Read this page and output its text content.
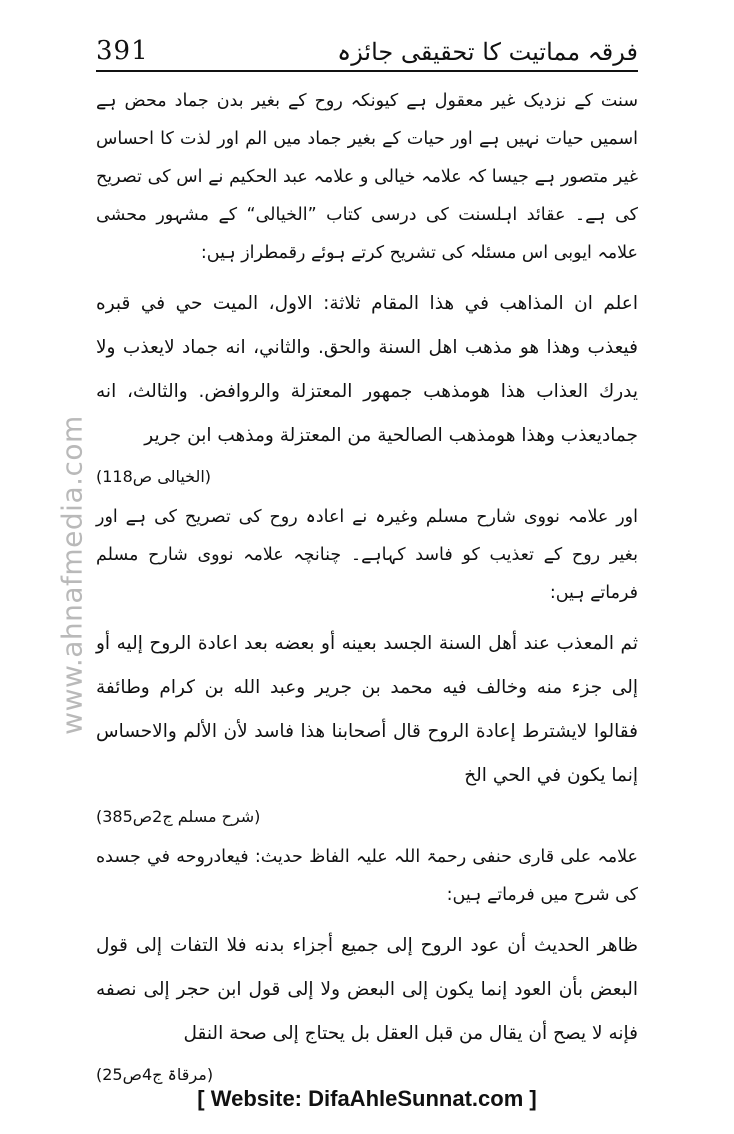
391	فرقہ مماتیت کا تحقیقی جائزہ
www.ahnafmedia.com

سنت کے نزدیک غیر معقول ہے کیونکہ روح کے بغیر بدن جماد محض ہے اسمیں حیات نہیں ہے اور حیات کے بغیر جماد میں الم اور لذت کا احساس غیر متصور ہے جیسا کہ علامہ خیالی و علامہ عبد الحکیم نے اس کی تصریح کی ہے۔ عقائد اہلسنت کی درسی کتاب ”الخیالی“ کے مشہور محشی علامہ ایوبی اس مسئلہ کی تشریح کرتے ہوئے رقمطراز ہیں:

اعلم ان المذاهب في هذا المقام ثلاثة: الاول، الميت حي في قبره فيعذب وهذا هو مذهب اهل السنة والحق. والثاني، انه جماد لايعذب ولا يدرك العذاب هذا هومذهب جمهور المعتزلة والروافض. والثالث، انه جماديعذب وهذا هومذهب الصالحية من المعتزلة ومذهب ابن جرير

(الخیالی ص118)

اور علامہ نووی شارح مسلم وغیرہ نے اعادہ روح کی تصریح کی ہے اور بغیر روح کے تعذیب کو فاسد کہاہے۔ چنانچہ علامہ نووی شارح مسلم فرماتے ہیں:

ثم المعذب عند أهل السنة الجسد بعينه أو بعضه بعد اعادة الروح إليه أو إلى جزء منه وخالف فيه محمد بن جرير وعبد الله بن كرام وطائفة فقالوا لايشترط إعادة الروح قال أصحابنا هذا فاسد لأن الألم والاحساس إنما يكون في الحي الخ

(شرح مسلم ج2ص385)

علامہ علی قاری حنفی رحمۃ اللہ علیہ الفاظ حدیث: فيعادروحه في جسده کی شرح میں فرماتے ہیں:

ظاهر الحديث أن عود الروح إلى جميع أجزاء بدنه فلا التفات إلى قول البعض بأن العود إنما يكون إلى البعض ولا إلى قول ابن حجر إلى نصفه فإنه لا يصح أن يقال من قبل العقل بل يحتاج إلى صحة النقل

(مرقاۃ ج4ص25)

[ Website: DifaAhleSunnat.com ]
